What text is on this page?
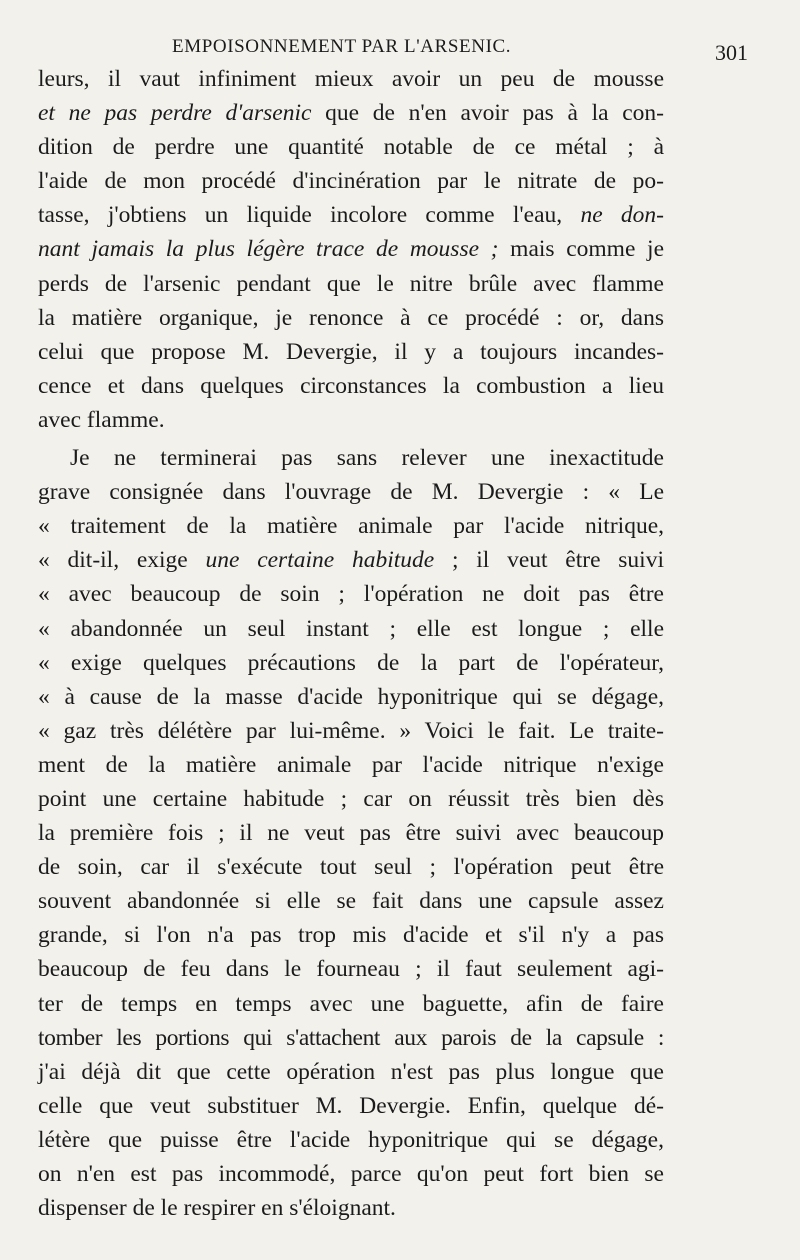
EMPOISONNEMENT PAR L'ARSENIC.	301
leurs, il vaut infiniment mieux avoir un peu de mousse
et ne pas perdre d'arsenic que de n'en avoir pas à la con-
dition de perdre une quantité notable de ce métal ; à
l'aide de mon procédé d'incinération par le nitrate de po-
tasse, j'obtiens un liquide incolore comme l'eau, ne don-
nant jamais la plus légère trace de mousse ; mais comme je
perds de l'arsenic pendant que le nitre brûle avec flamme
la matière organique, je renonce à ce procédé : or, dans
celui que propose M. Devergie, il y a toujours incandes-
cence et dans quelques circonstances la combustion a lieu
avec flamme.
Je ne terminerai pas sans relever une inexactitude
grave consignée dans l'ouvrage de M. Devergie : « Le
« traitement de la matière animale par l'acide nitrique,
« dit-il, exige une certaine habitude ; il veut être suivi
« avec beaucoup de soin ; l'opération ne doit pas être
« abandonnée un seul instant ; elle est longue ; elle
« exige quelques précautions de la part de l'opérateur,
« à cause de la masse d'acide hyponitrique qui se dégage,
« gaz très délétère par lui-même. » Voici le fait. Le traite-
ment de la matière animale par l'acide nitrique n'exige
point une certaine habitude ; car on réussit très bien dès
la première fois ; il ne veut pas être suivi avec beaucoup
de soin, car il s'exécute tout seul ; l'opération peut être
souvent abandonnée si elle se fait dans une capsule assez
grande, si l'on n'a pas trop mis d'acide et s'il n'y a pas
beaucoup de feu dans le fourneau ; il faut seulement agi-
ter de temps en temps avec une baguette, afin de faire
tomber les portions qui s'attachent aux parois de la capsule :
j'ai déjà dit que cette opération n'est pas plus longue que
celle que veut substituer M. Devergie. Enfin, quelque dé-
létère que puisse être l'acide hyponitrique qui se dégage,
on n'en est pas incommodé, parce qu'on peut fort bien se
dispenser de le respirer en s'éloignant.
